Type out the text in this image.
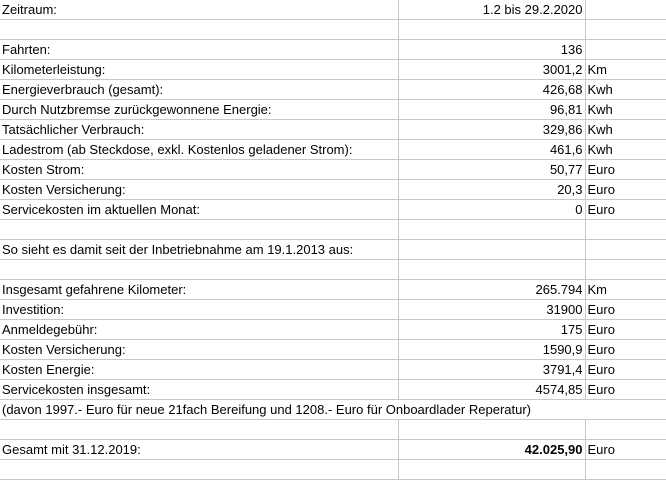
Zeitraum:	1.2 bis 29.2.2020	

Fahrten:	136	
Kilometerleistung:	3001,2	Km
Energieverbrauch (gesamt):	426,68	Kwh
Durch Nutzbremse zurückgewonnene Energie:	96,81	Kwh
Tatsächlicher Verbrauch:	329,86	Kwh
Ladestrom (ab Steckdose, exkl. Kostenlos geladener Strom):	461,6	Kwh
Kosten Strom:	50,77	Euro
Kosten Versicherung:	20,3	Euro
Servicekosten im aktuellen Monat:	0	Euro

So sieht es damit seit der Inbetriebnahme am 19.1.2013 aus:		

Insgesamt gefahrene Kilometer:	265.794	Km
Investition:	31900	Euro
Anmeldegebühr:	175	Euro
Kosten Versicherung:	1590,9	Euro
Kosten Energie:	3791,4	Euro
Servicekosten insgesamt:	4574,85	Euro
(davon 1997.- Euro für neue 21fach Bereifung und 1208.- Euro für Onboardlader Reperatur)		

Gesamt mit 31.12.2019:	42.025,90	Euro
